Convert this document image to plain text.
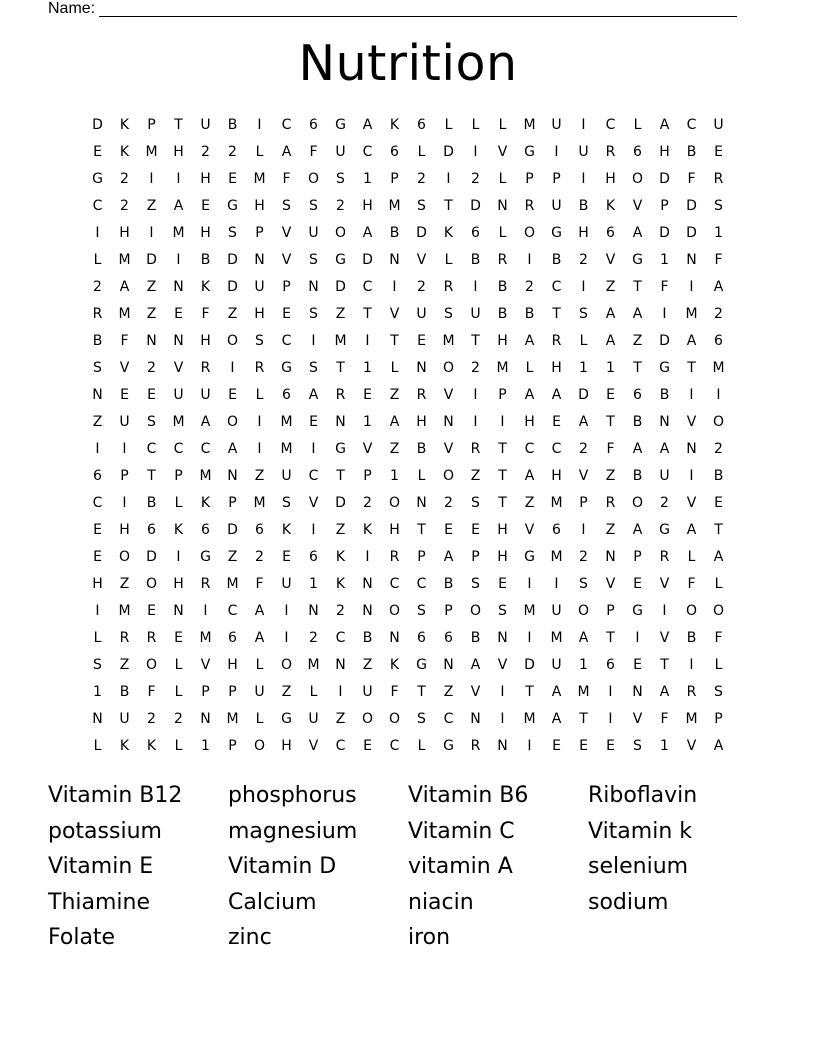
Name:
Nutrition
D	K	P	T	U	B	I	C	6	G	A	K	6	L	L	L	M	U	I	C	L	A	C	U
E	K	M	H	2	2	L	A	F	U	C	6	L	D	I	V	G	I	U	R	6	H	B	E
G	2	I	I	H	E	M	F	O	S	1	P	2	I	2	L	P	P	I	H	O	D	F	R
C	2	Z	A	E	G	H	S	S	2	H	M	S	T	D	N	R	U	B	K	V	P	D	S
I	H	I	M	H	S	P	V	U	O	A	B	D	K	6	L	O	G	H	6	A	D	D	1
L	M	D	I	B	D	N	V	S	G	D	N	V	L	B	R	I	B	2	V	G	1	N	F
2	A	Z	N	K	D	U	P	N	D	C	I	2	R	I	B	2	C	I	Z	T	F	I	A
R	M	Z	E	F	Z	H	E	S	Z	T	V	U	S	U	B	B	T	S	A	A	I	M	2
B	F	N	N	H	O	S	C	I	M	I	T	E	M	T	H	A	R	L	A	Z	D	A	6
S	V	2	V	R	I	R	G	S	T	1	L	N	O	2	M	L	H	1	1	T	G	T	M
N	E	E	U	U	E	L	6	A	R	E	Z	R	V	I	P	A	A	D	E	6	B	I	I
Z	U	S	M	A	O	I	M	E	N	1	A	H	N	I	I	H	E	A	T	B	N	V	O
I	I	C	C	C	A	I	M	I	G	V	Z	B	V	R	T	C	C	2	F	A	A	N	2
6	P	T	P	M	N	Z	U	C	T	P	1	L	O	Z	T	A	H	V	Z	B	U	I	B
C	I	B	L	K	P	M	S	V	D	2	O	N	2	S	T	Z	M	P	R	O	2	V	E
E	H	6	K	6	D	6	K	I	Z	K	H	T	E	E	H	V	6	I	Z	A	G	A	T
E	O	D	I	G	Z	2	E	6	K	I	R	P	A	P	H	G	M	2	N	P	R	L	A
H	Z	O	H	R	M	F	U	1	K	N	C	C	B	S	E	I	I	S	V	E	V	F	L
I	M	E	N	I	C	A	I	N	2	N	O	S	P	O	S	M	U	O	P	G	I	O	O
L	R	R	E	M	6	A	I	2	C	B	N	6	6	B	N	I	M	A	T	I	V	B	F
S	Z	O	L	V	H	L	O	M	N	Z	K	G	N	A	V	D	U	1	6	E	T	I	L
1	B	F	L	P	P	U	Z	L	I	U	F	T	Z	V	I	T	A	M	I	N	A	R	S
N	U	2	2	N	M	L	G	U	Z	O	O	S	C	N	I	M	A	T	I	V	F	M	P
L	K	K	L	1	P	O	H	V	C	E	C	L	G	R	N	I	E	E	E	S	1	V	A
Vitamin B12	phosphorus	Vitamin B6	Riboflavin
potassium	magnesium	Vitamin C	Vitamin k
Vitamin E	Vitamin D	vitamin A	selenium
Thiamine	Calcium	niacin	sodium
Folate	zinc	iron
